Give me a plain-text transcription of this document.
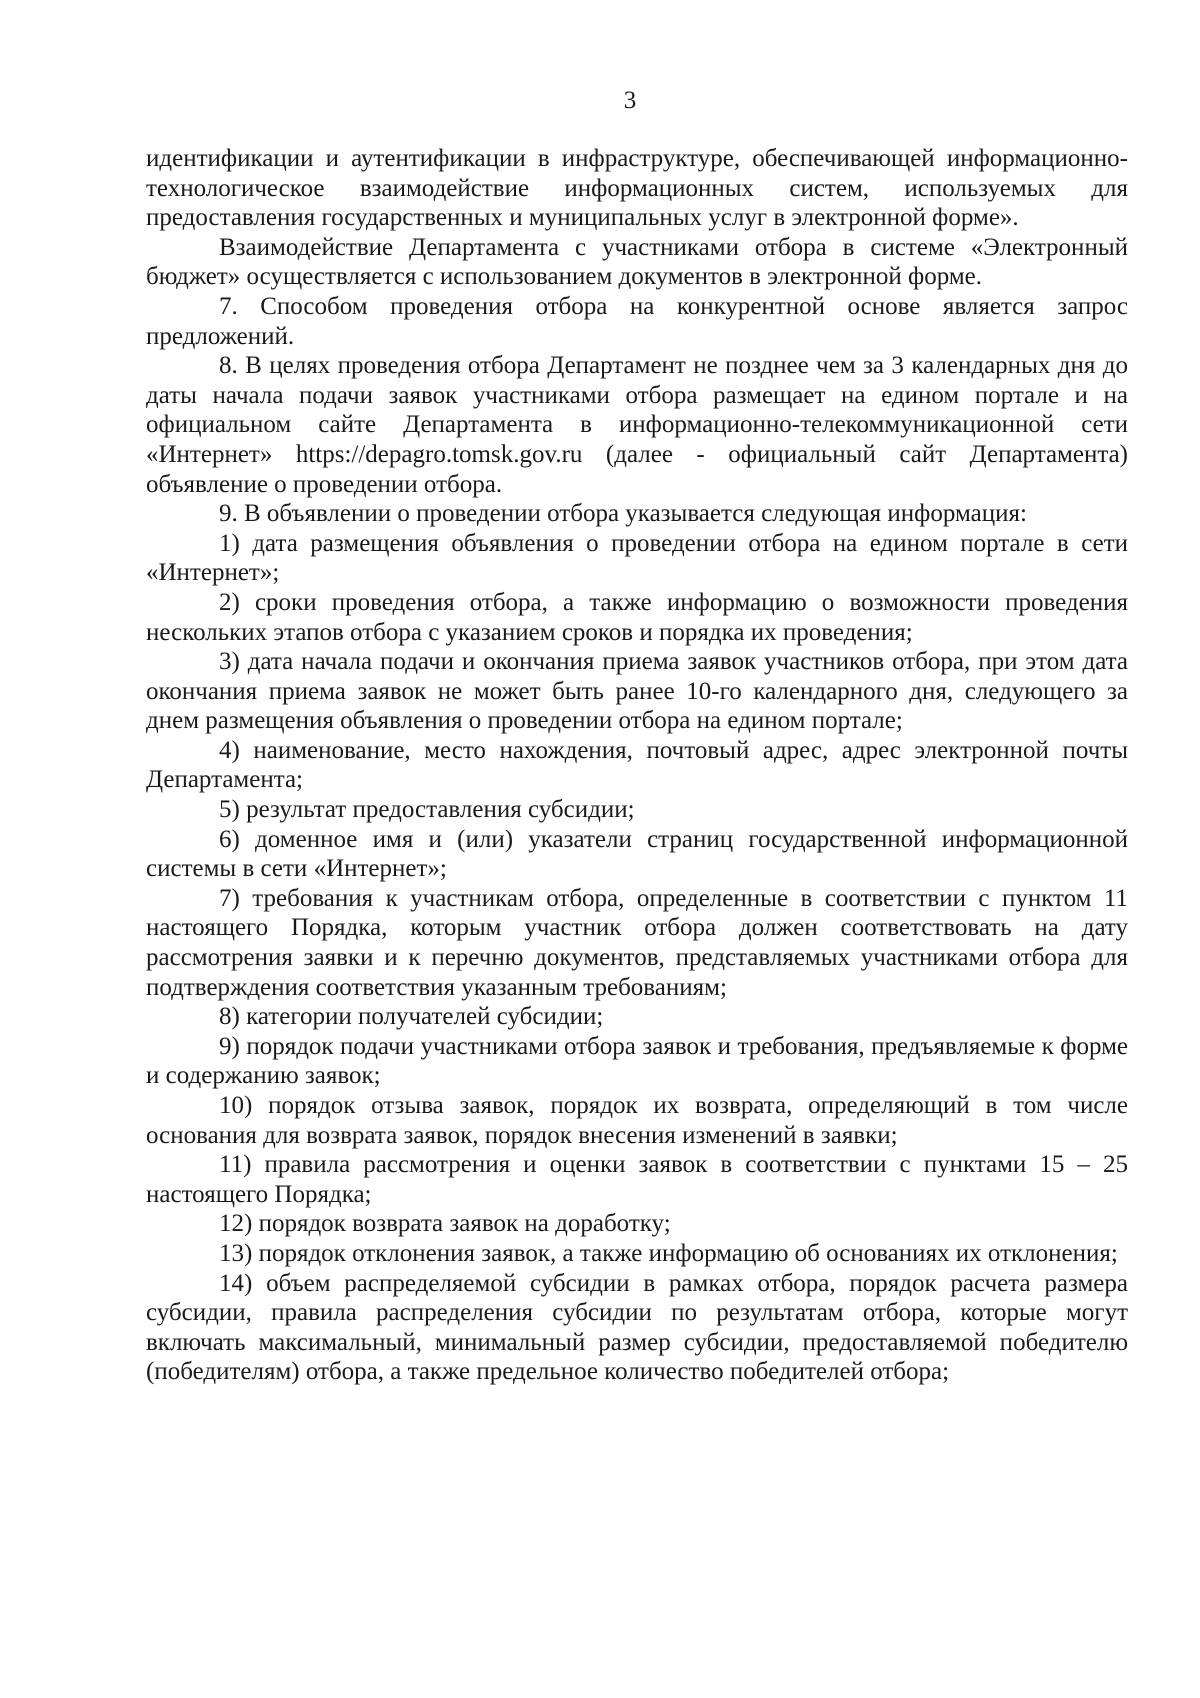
3

идентификации и аутентификации в инфраструктуре, обеспечивающей информационно-технологическое взаимодействие информационных систем, используемых для предоставления государственных и муниципальных услуг в электронной форме».

Взаимодействие Департамента с участниками отбора в системе «Электронный бюджет» осуществляется с использованием документов в электронной форме.

7. Способом проведения отбора на конкурентной основе является запрос предложений.

8. В целях проведения отбора Департамент не позднее чем за 3 календарных дня до даты начала подачи заявок участниками отбора размещает на едином портале и на официальном сайте Департамента в информационно-телекоммуникационной сети «Интернет» https://depagro.tomsk.gov.ru (далее - официальный сайт Департамента) объявление о проведении отбора.

9. В объявлении о проведении отбора указывается следующая информация:

1) дата размещения объявления о проведении отбора на едином портале в сети «Интернет»;

2) сроки проведения отбора, а также информацию о возможности проведения нескольких этапов отбора с указанием сроков и порядка их проведения;

3) дата начала подачи и окончания приема заявок участников отбора, при этом дата окончания приема заявок не может быть ранее 10-го календарного дня, следующего за днем размещения объявления о проведении отбора на едином портале;

4) наименование, место нахождения, почтовый адрес, адрес электронной почты Департамента;

5) результат предоставления субсидии;

6) доменное имя и (или) указатели страниц государственной информационной системы в сети «Интернет»;

7) требования к участникам отбора, определенные в соответствии с пунктом 11 настоящего Порядка, которым участник отбора должен соответствовать на дату рассмотрения заявки и к перечню документов, представляемых участниками отбора для подтверждения соответствия указанным требованиям;

8) категории получателей субсидии;

9) порядок подачи участниками отбора заявок и требования, предъявляемые к форме и содержанию заявок;

10) порядок отзыва заявок, порядок их возврата, определяющий в том числе основания для возврата заявок, порядок внесения изменений в заявки;

11) правила рассмотрения и оценки заявок в соответствии с пунктами 15 – 25 настоящего Порядка;

12) порядок возврата заявок на доработку;

13) порядок отклонения заявок, а также информацию об основаниях их отклонения;

14) объем распределяемой субсидии в рамках отбора, порядок расчета размера субсидии, правила распределения субсидии по результатам отбора, которые могут включать максимальный, минимальный размер субсидии, предоставляемой победителю (победителям) отбора, а также предельное количество победителей отбора;
